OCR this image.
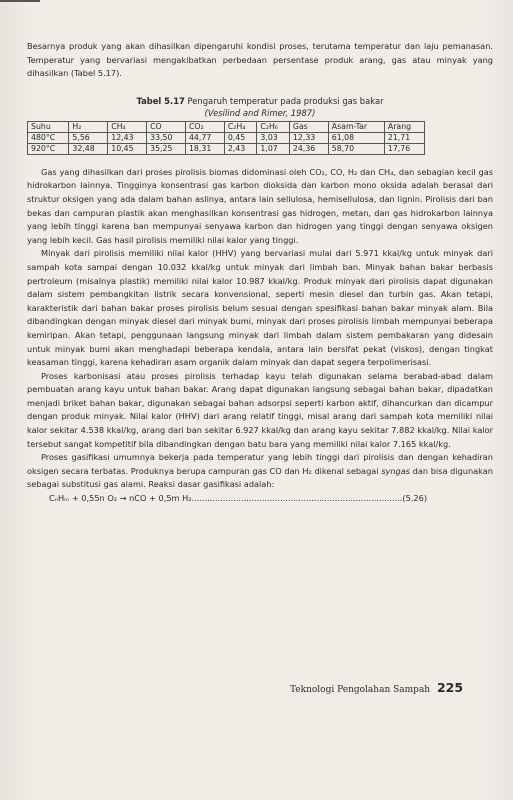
Besarnya produk yang akan dihasilkan dipengaruhi kondisi proses, terutama temperatur dan laju pemanasan. Temperatur yang bervariasi mengakibatkan perbedaan persentase produk arang, gas atau minyak yang dihasilkan (Tabel 5.17).

Tabel 5.17 Pengaruh temperatur pada produksi gas bakar
(Vesilind and Rimer, 1987)
Suhu	H₂	CH₄	CO	CO₂	C₂H₄	C₂H₆	Gas	Asam-Tar	Arang
480°C	5,56	12,43	33,50	44,77	0,45	3,03	12,33	61,08	21,71
920°C	32,48	10,45	35,25	18,31	2,43	1,07	24,36	58,70	17,76

Gas yang dihasilkan dari proses pirolisis biomas didominasi oleh CO₂, CO, H₂ dan CH₄, dan sebagian kecil gas hidrokarbon lainnya. Tingginya konsentrasi gas karbon dioksida dan karbon mono oksida adalah berasal dari struktur oksigen yang ada dalam bahan aslinya, antara lain sellulosa, hemisellulosa, dan lignin. Pirolisis dari ban bekas dan campuran plastik akan menghasilkan konsentrasi gas hidrogen, metan, dan gas hidrokarbon lainnya yang lebih tinggi karena ban mempunyai senyawa karbon dan hidrogen yang tinggi dengan senyawa oksigen yang lebih kecil. Gas hasil pirolisis memiliki nilai kalor yang tinggi.

Minyak dari pirolisis memiliki nilai kalor (HHV) yang bervariasi mulai dari 5.971 kkal/kg untuk minyak dari sampah kota sampai dengan 10.032 kkal/kg untuk minyak dari limbah ban. Minyak bahan bakar berbasis pertroleum (misalnya plastik) memiliki nilai kalor 10.987 kkal/kg. Produk minyak dari pirolisis dapat digunakan dalam sistem pembangkitan listrik secara konvensional, seperti mesin diesel dan turbin gas. Akan tetapi, karakteristik dari bahan bakar proses pirolisis belum sesuai dengan spesifikasi bahan bakar minyak alam. Bila dibandingkan dengan minyak diesel dari minyak bumi, minyak dari proses pirolisis limbah mempunyai beberapa kemiripan. Akan tetapi, penggunaan langsung minyak dari limbah dalam sistem pembakaran yang didesain untuk minyak bumi akan menghadapi beberapa kendala, antara lain bersifat pekat (viskos), dengan tingkat keasaman tinggi, karena kehadiran asam organik dalam minyak dan dapat segera terpolimerisasi.

Proses karbonisasi atau proses pirolisis terhadap kayu telah digunakan selama berabad-abad dalam pembuatan arang kayu untuk bahan bakar. Arang dapat digunakan langsung sebagai bahan bakar, dipadatkan menjadi briket bahan bakar, digunakan sebagai bahan adsorpsi seperti karbon aktif, dihancurkan dan dicampur dengan produk minyak. Nilai kalor (HHV) dari arang relatif tinggi, misal arang dari sampah kota memiliki nilai kalor sekitar 4.538 kkal/kg, arang dari ban sekitar 6.927 kkal/kg dan arang kayu sekitar 7.882 kkal/kg. Nilai kalor tersebut sangat kompetitif bila dibandingkan dengan batu bara yang memiliki nilai kalor 7.165 kkal/kg.

Proses gasifikasi umumnya bekerja pada temperatur yang lebih tinggi dari pirolisis dan dengan kehadiran oksigen secara terbatas. Produknya berupa campuran gas CO dan H₂ dikenal sebagai syngas dan bisa digunakan sebagai substitusi gas alami. Reaksi dasar gasifikasi adalah:

CₙHₘ + 0,55n O₂ → nCO + 0,5m H₂.................................................................................(5.26)
Teknologi Pengolahan Sampah 225
